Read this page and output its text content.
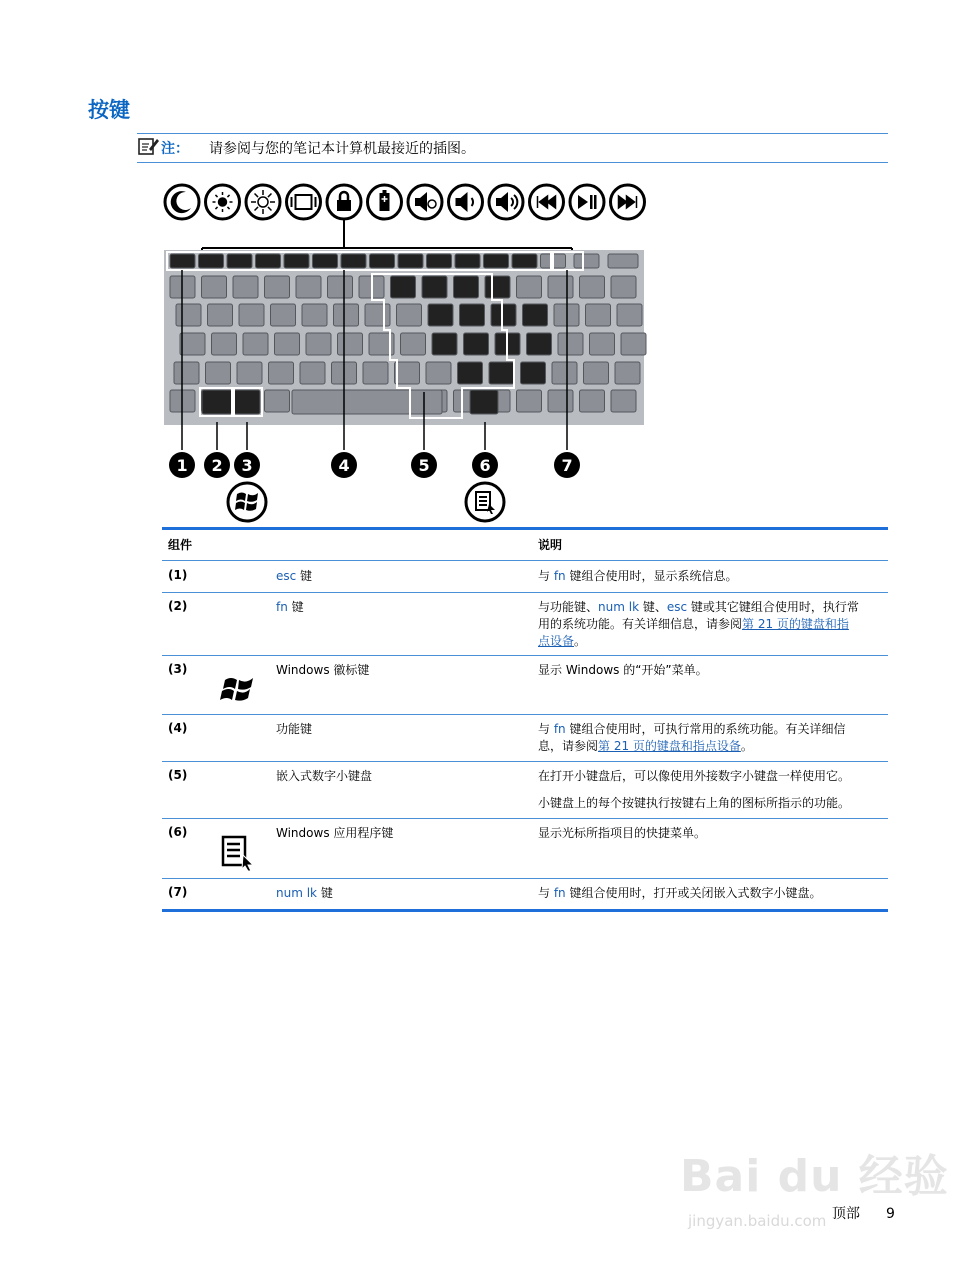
按键
注： 请参阅与您的笔记本计算机最接近的插图。
1 2 3	4	5	6	7
组件	说明
(1)	esc 键	与 fn 键组合使用时，显示系统信息。
(2)	fn 键	与功能键、num lk 键、esc 键或其它键组合使用时，执行常
用的系统功能。有关详细信息，请参阅第 21 页的键盘和指
点设备。
(3)	Windows 徽标键	显示 Windows 的“开始”菜单。
(4)	功能键	与 fn 键组合使用时，可执行常用的系统功能。有关详细信
息，请参阅第 21 页的键盘和指点设备。
(5)	嵌入式数字小键盘	在打开小键盘后，可以像使用外接数字小键盘一样使用它。
小键盘上的每个按键执行按键右上角的图标所指示的功能。
(6)	Windows 应用程序键	显示光标所指项目的快捷菜单。
(7)	num lk 键	与 fn 键组合使用时，打开或关闭嵌入式数字小键盘。
顶部 9
Bai du 经验
jingyan.baidu.com
